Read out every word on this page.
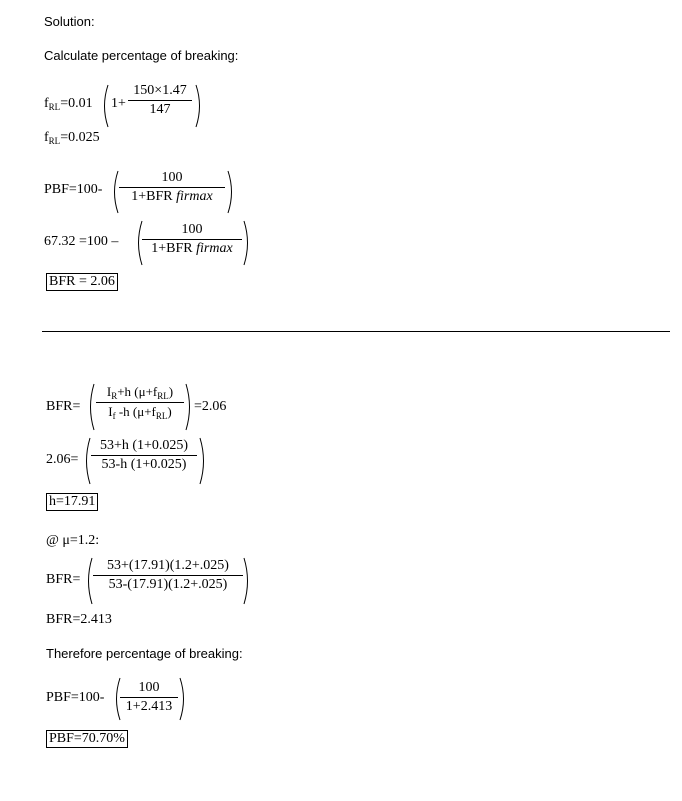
Solution:
Calculate percentage of breaking:
$f_{RL}=0.01$ 1+
150×1.47
147
$f_{RL}=0.025$
PBF=100-
100
1+BFR firmax
67.32 =100 –
100
1+BFR firmax
BFR = 2.06
BFR=
$I_R+h$ $(\mu+f_{RL})$
$I_f$ -h $(\mu+f_{RL})$	=2.06
2.06=
53+h (1+0.025)
53-h (1+0.025)
h=17.91
@ μ=1.2:
BFR=
53+(17.91)(1.2+.025)
53-(17.91)(1.2+.025)
BFR=2.413
Therefore percentage of breaking:
PBF=100-
100
1+2.413
PBF=70.70%
